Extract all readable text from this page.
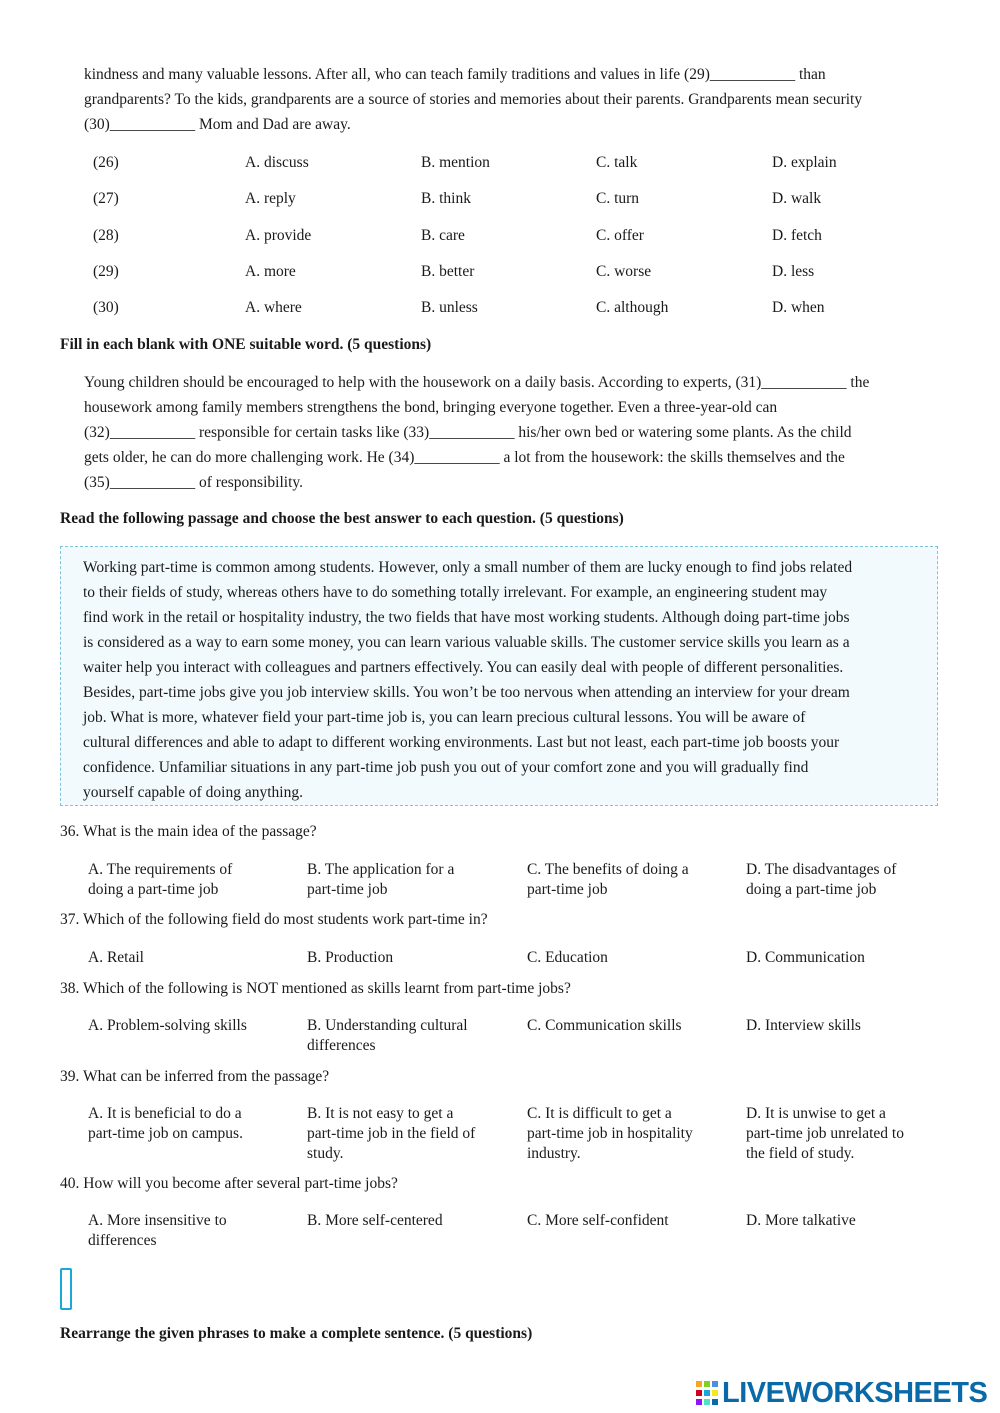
kindness and many valuable lessons. After all, who can teach family traditions and values in life (29)___________ than
grandparents? To the kids, grandparents are a source of stories and memories about their parents. Grandparents mean security
(30)___________ Mom and Dad are away.
(26)	A. discuss	B. mention	C. talk	D. explain
(27)	A. reply	B. think	C. turn	D. walk
(28)	A. provide	B. care	C. offer	D. fetch
(29)	A. more	B. better	C. worse	D. less
(30)	A. where	B. unless	C. although	D. when
Fill in each blank with ONE suitable word. (5 questions)
Young children should be encouraged to help with the housework on a daily basis. According to experts, (31)___________ the
housework among family members strengthens the bond, bringing everyone together. Even a three-year-old can
(32)___________ responsible for certain tasks like (33)___________ his/her own bed or watering some plants. As the child
gets older, he can do more challenging work. He (34)___________ a lot from the housework: the skills themselves and the
(35)___________ of responsibility.
Read the following passage and choose the best answer to each question. (5 questions)
Working part-time is common among students. However, only a small number of them are lucky enough to find jobs related
to their fields of study, whereas others have to do something totally irrelevant. For example, an engineering student may
find work in the retail or hospitality industry, the two fields that have most working students. Although doing part-time jobs
is considered as a way to earn some money, you can learn various valuable skills. The customer service skills you learn as a
waiter help you interact with colleagues and partners effectively. You can easily deal with people of different personalities.
Besides, part-time jobs give you job interview skills. You won’t be too nervous when attending an interview for your dream
job. What is more, whatever field your part-time job is, you can learn precious cultural lessons. You will be aware of
cultural differences and able to adapt to different working environments. Last but not least, each part-time job boosts your
confidence. Unfamiliar situations in any part-time job push you out of your comfort zone and you will gradually find
yourself capable of doing anything.
36. What is the main idea of the passage?
A. The requirements of
doing a part-time job
B. The application for a
part-time job
C. The benefits of doing a
part-time job
D. The disadvantages of
doing a part-time job
37. Which of the following field do most students work part-time in?
A. Retail	B. Production	C. Education	D. Communication
38. Which of the following is NOT mentioned as skills learnt from part-time jobs?
A. Problem-solving skills	B. Understanding cultural
differences
C. Communication skills	D. Interview skills
39. What can be inferred from the passage?
A. It is beneficial to do a
part-time job on campus.
B. It is not easy to get a
part-time job in the field of
study.
C. It is difficult to get a
part-time job in hospitality
industry.
D. It is unwise to get a
part-time job unrelated to
the field of study.
40. How will you become after several part-time jobs?
A. More insensitive to
differences
B. More self-centered	C. More self-confident	D. More talkative
Rearrange the given phrases to make a complete sentence. (5 questions)
LIVEWORKSHEETS
